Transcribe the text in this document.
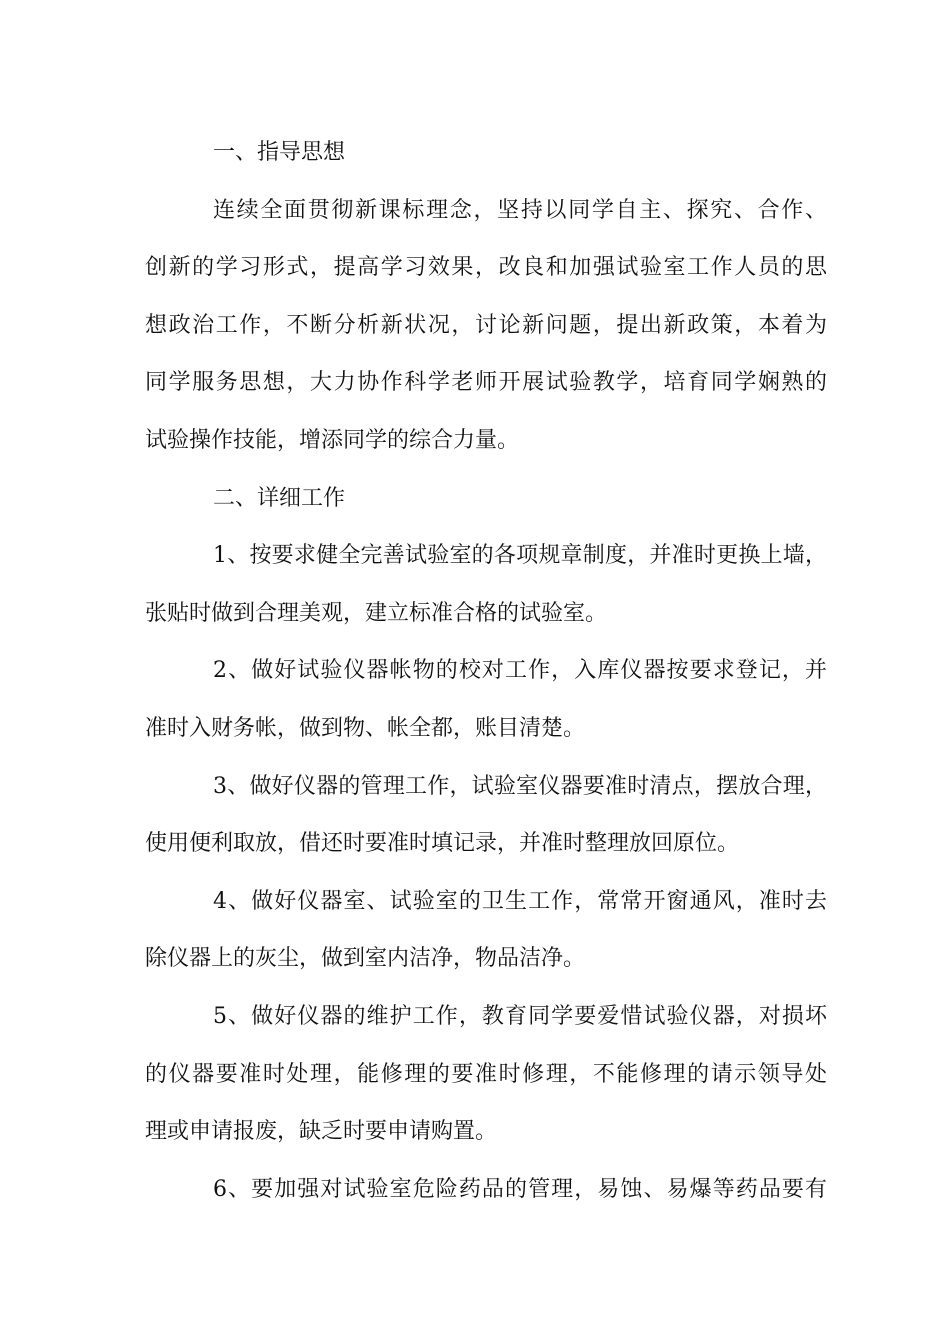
一、指导思想
连续全面贯彻新课标理念，坚持以同学自主、探究、合作、
创新的学习形式，提高学习效果，改良和加强试验室工作人员的思
想政治工作，不断分析新状况，讨论新问题，提出新政策，本着为
同学服务思想，大力协作科学老师开展试验教学，培育同学娴熟的
试验操作技能，增添同学的综合力量。
二、详细工作
1、按要求健全完善试验室的各项规章制度，并准时更换上墙，
张贴时做到合理美观，建立标准合格的试验室。
2、做好试验仪器帐物的校对工作，入库仪器按要求登记，并
准时入财务帐，做到物、帐全都，账目清楚。
3、做好仪器的管理工作，试验室仪器要准时清点，摆放合理，
使用便利取放，借还时要准时填记录，并准时整理放回原位。
4、做好仪器室、试验室的卫生工作，常常开窗通风，准时去
除仪器上的灰尘，做到室内洁净，物品洁净。
5、做好仪器的维护工作，教育同学要爱惜试验仪器，对损坏
的仪器要准时处理，能修理的要准时修理，不能修理的请示领导处
理或申请报废，缺乏时要申请购置。
6、要加强对试验室危险药品的管理，易蚀、易爆等药品要有
